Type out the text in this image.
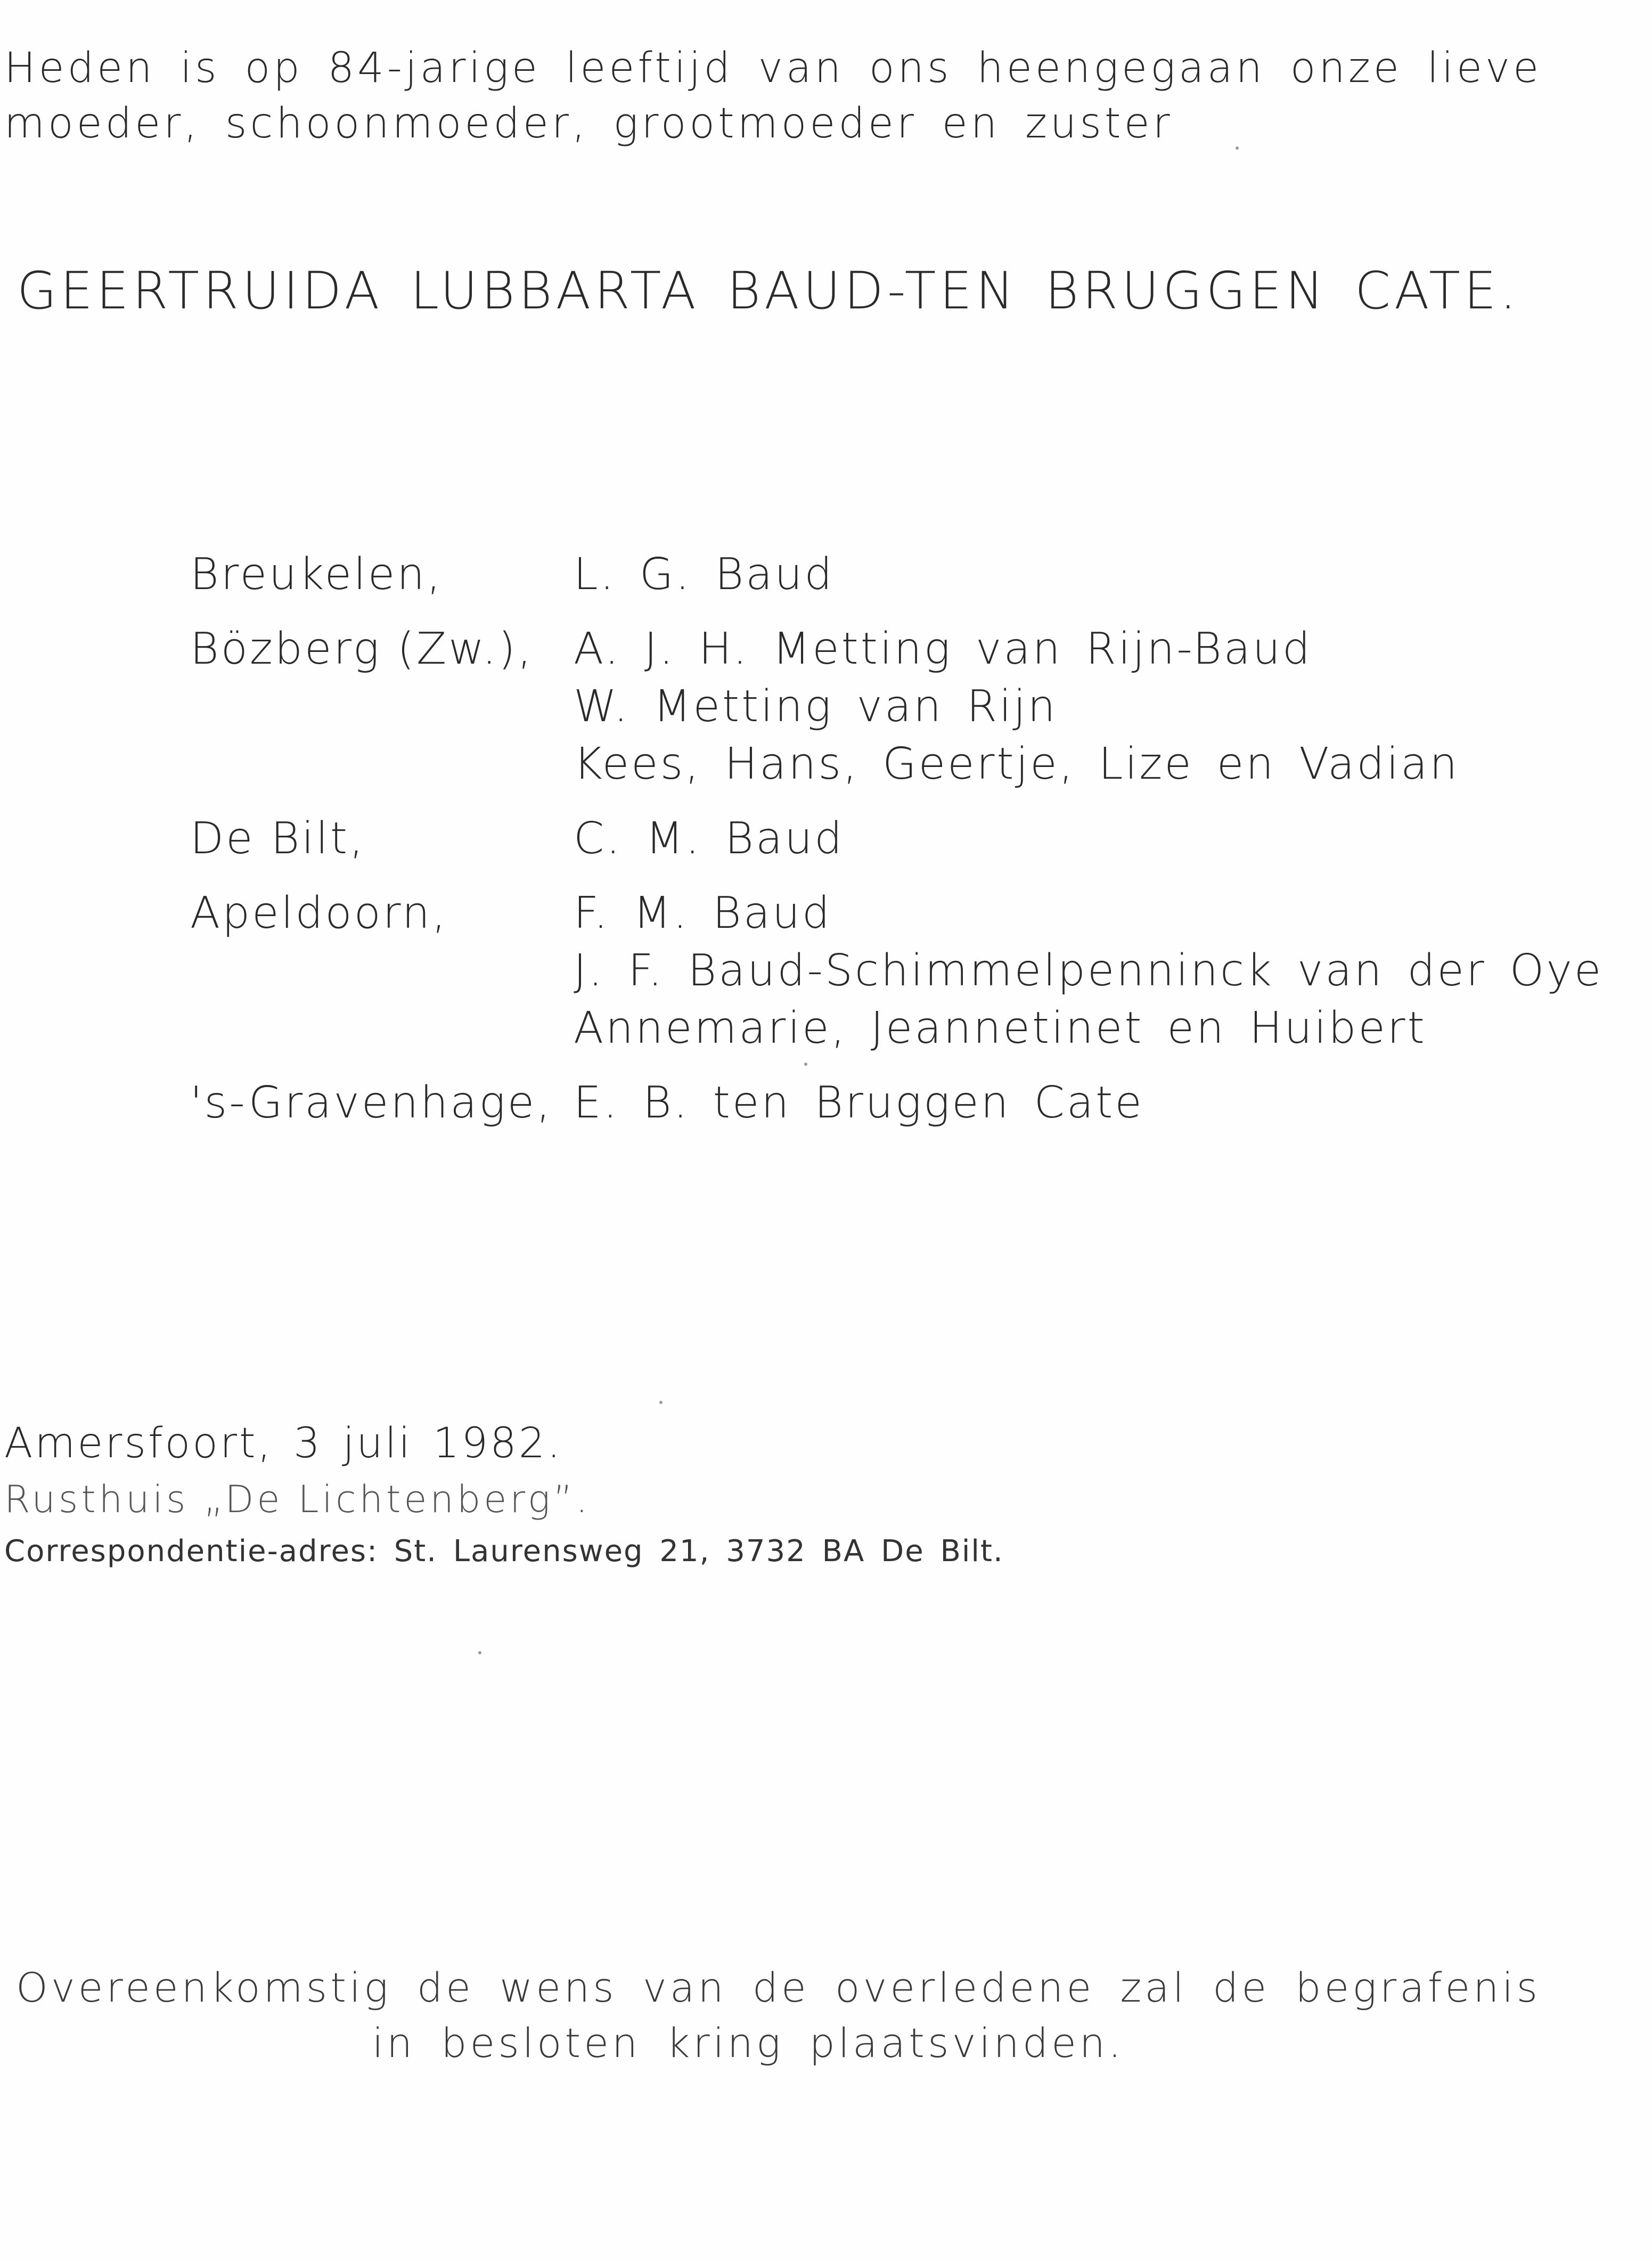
Heden is op 84-jarige leeftijd van ons heengegaan onze lieve
moeder, schoonmoeder, grootmoeder en zuster
GEERTRUIDA LUBBARTA BAUD-TEN BRUGGEN CATE.
Breukelen,	L. G. Baud
Bözberg (Zw.), A. J. H. Metting van Rijn-Baud
W. Metting van Rijn
Kees, Hans, Geertje, Lize en Vadian
De Bilt,	C. M. Baud
Apeldoorn,	F. M. Baud
J. F. Baud-Schimmelpenninck van der Oye
Annemarie, Jeannetinet en Huibert
's-Gravenhage, E. B. ten Bruggen Cate
Amersfoort, 3 juli 1982.
Rusthuis „De Lichtenberg”.
Correspondentie-adres: St. Laurensweg 21, 3732 BA De Bilt.
Overeenkomstig de wens van de overledene zal de begrafenis
in besloten kring plaatsvinden.
